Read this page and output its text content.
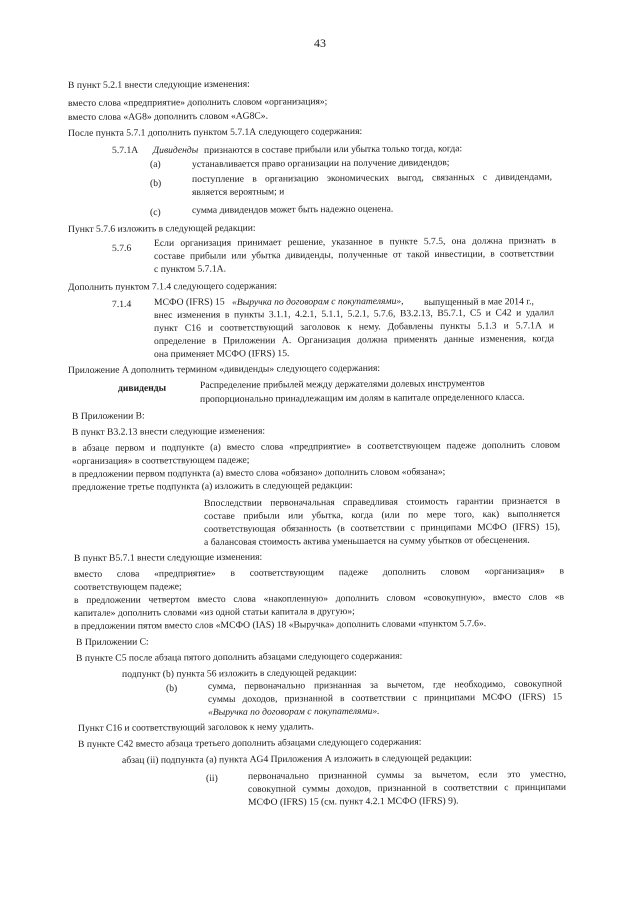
43
В пункт 5.2.1 внести следующие изменения:
вместо слова «предприятие» дополнить словом «организация»;
вместо слова «AG8» дополнить словом «AG8C».
После пункта 5.7.1 дополнить пунктом 5.7.1А следующего содержания:
5.7.1А Дивиденды признаются в составе прибыли или убытка только тогда, когда:
(а)	устанавливается право организации на получение дивидендов;
(b)	поступление в организацию экономических выгод, связанных с дивидендами,
является вероятным; и
(с)	сумма дивидендов может быть надежно оценена.
Пункт 5.7.6 изложить в следующей редакции:
5.7.6 Если организация принимает решение, указанное в пункте 5.7.5, она должна признать в
составе прибыли или убытка дивиденды, полученные от такой инвестиции, в соответствии
с пунктом 5.7.1А.
Дополнить пунктом 7.1.4 следующего содержания:
7.1.4 МСФО (IFRS) 15 «Выручка по договорам с покупателями», выпущенный в мае 2014 г.,
внес изменения в пункты 3.1.1, 4.2.1, 5.1.1, 5.2.1, 5.7.6, B3.2.13, B5.7.1, С5 и С42 и удалил
пункт С16 и соответствующий заголовок к нему. Добавлены пункты 5.1.3 и 5.7.1А и
определение в Приложении А. Организация должна применять данные изменения, когда
она применяет МСФО (IFRS) 15.
Приложение А дополнить термином «дивиденды» следующего содержания:
дивиденды	Распределение прибылей между держателями долевых инструментов
пропорционально принадлежащим им долям в капитале определенного класса.
В Приложении B:
В пункт B3.2.13 внести следующие изменения:
в абзаце первом и подпункте (а) вместо слова «предприятие» в соответствующем падеже дополнить словом
«организация» в соответствующем падеже;
в предложении первом подпункта (а) вместо слова «обязано» дополнить словом «обязана»;
предложение третье подпункта (а) изложить в следующей редакции:
Впоследствии первоначальная справедливая стоимость гарантии признается в
составе прибыли или убытка, когда (или по мере того, как) выполняется
соответствующая обязанность (в соответствии с принципами МСФО (IFRS) 15),
а балансовая стоимость актива уменьшается на сумму убытков от обесценения.
В пункт B5.7.1 внести следующие изменения:
вместо слова «предприятие» в соответствующим падеже дополнить словом «организация» в
соответствующем падеже;
в предложении четвертом вместо слова «накопленную» дополнить словом «совокупную», вместо слов «в
капитале» дополнить словами «из одной статьи капитала в другую»;
в предложении пятом вместо слов «МСФО (IAS) 18 «Выручка» дополнить словами «пунктом 5.7.6».
В Приложении С:
В пункте С5 после абзаца пятого дополнить абзацами следующего содержания:
подпункт (b) пункта 56 изложить в следующей редакции:
(b)	сумма, первоначально признанная за вычетом, где необходимо, совокупной
суммы доходов, признанной в соответствии с принципами МСФО (IFRS) 15
«Выручка по договорам с покупателями».
Пункт С16 и соответствующий заголовок к нему удалить.
В пункте С42 вместо абзаца третьего дополнить абзацами следующего содержания:
абзац (ii) подпункта (а) пункта AG4 Приложения А изложить в следующей редакции:
(ii)	первоначально признанной суммы за вычетом, если это уместно,
совокупной суммы доходов, признанной в соответствии с принципами
МСФО (IFRS) 15 (см. пункт 4.2.1 МСФО (IFRS) 9).
